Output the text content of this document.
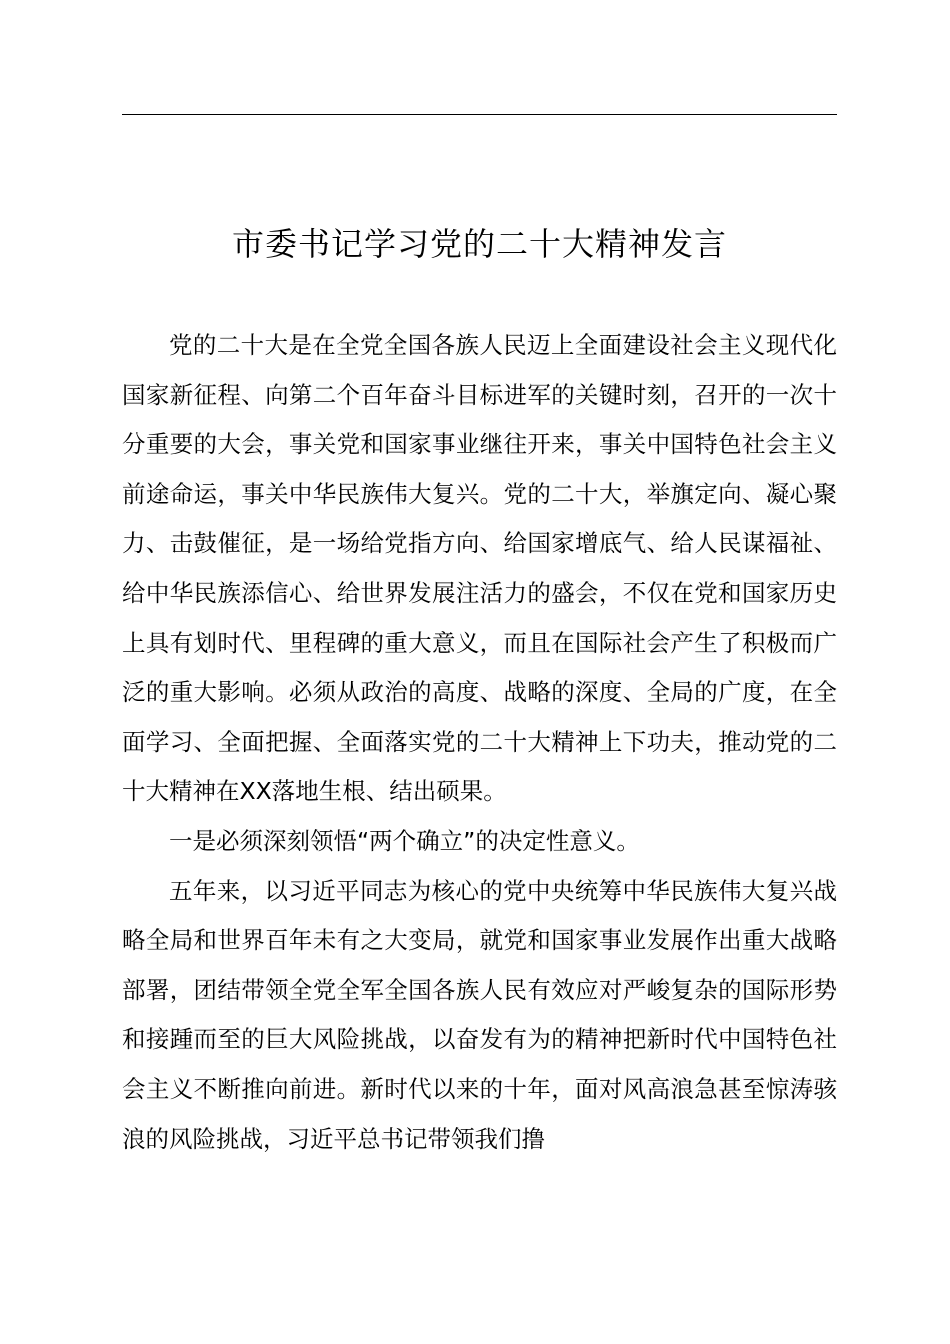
市委书记学习党的二十大精神发言

党的二十大是在全党全国各族人民迈上全面建设社会主义现代化国家新征程、向第二个百年奋斗目标进军的关键时刻，召开的一次十分重要的大会，事关党和国家事业继往开来，事关中国特色社会主义前途命运，事关中华民族伟大复兴。党的二十大，举旗定向、凝心聚力、击鼓催征，是一场给党指方向、给国家增底气、给人民谋福祉、给中华民族添信心、给世界发展注活力的盛会，不仅在党和国家历史上具有划时代、里程碑的重大意义，而且在国际社会产生了积极而广泛的重大影响。必须从政治的高度、战略的深度、全局的广度，在全面学习、全面把握、全面落实党的二十大精神上下功夫，推动党的二十大精神在XX落地生根、结出硕果。

一是必须深刻领悟“两个确立”的决定性意义。

五年来，以习近平同志为核心的党中央统筹中华民族伟大复兴战略全局和世界百年未有之大变局，就党和国家事业发展作出重大战略部署，团结带领全党全军全国各族人民有效应对严峻复杂的国际形势和接踵而至的巨大风险挑战，以奋发有为的精神把新时代中国特色社会主义不断推向前进。新时代以来的十年，面对风高浪急甚至惊涛骇浪的风险挑战，习近平总书记带领我们撸
